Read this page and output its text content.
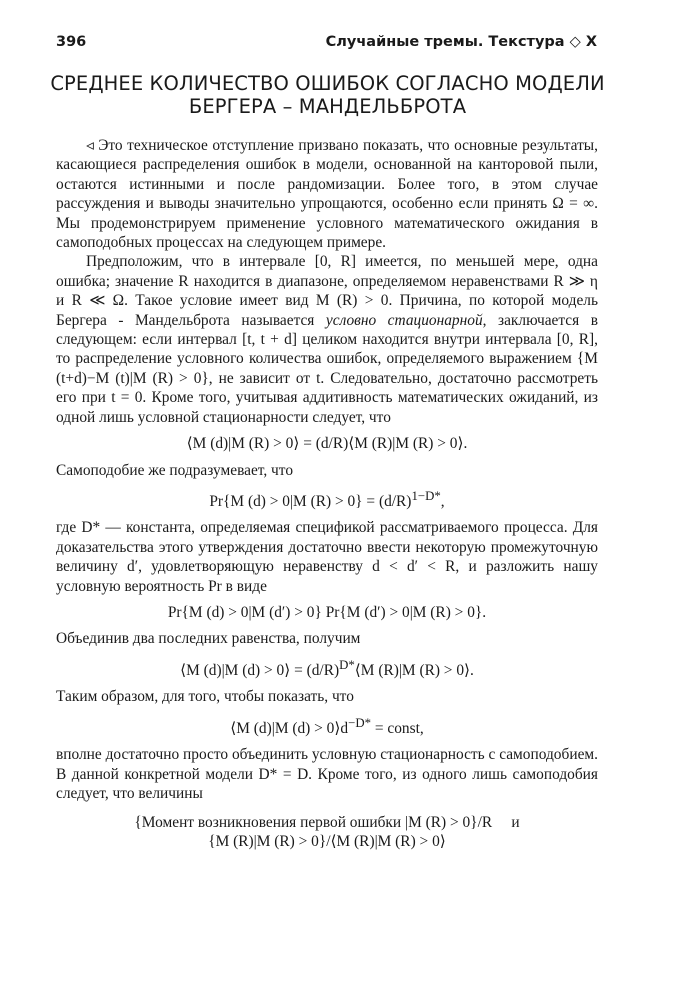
396	Случайные тремы. Текстура ◇ X
СРЕДНЕЕ КОЛИЧЕСТВО ОШИБОК СОГЛАСНО МОДЕЛИ
БЕРГЕРА – МАНДЕЛЬБРОТА

◃ Это техническое отступление призвано показать, что основные результаты, касающиеся распределения ошибок в модели, основанной на канторовой пыли, остаются истинными и после рандомизации. Более того, в этом случае рассуждения и выводы значительно упрощаются, особенно если принять Ω = ∞. Мы продемонстрируем применение условного математического ожидания в самоподобных процессах на следующем примере.

Предположим, что в интервале [0, R] имеется, по меньшей мере, одна ошибка; значение R находится в диапазоне, определяемом неравенствами R ≫ η и R ≪ Ω. Такое условие имеет вид M (R) > 0. Причина, по которой модель Бергера - Мандельброта называется условно стационарной, заключается в следующем: если интервал [t, t + d] целиком находится внутри интервала [0, R], то распределение условного количества ошибок, определяемого выражением {M (t+d)−M (t)|M (R) > 0}, не зависит от t. Следовательно, достаточно рассмотреть его при t = 0. Кроме того, учитывая аддитивность математических ожиданий, из одной лишь условной стационарности следует, что

⟨M (d)|M (R) > 0⟩ = (d/R)⟨M (R)|M (R) > 0⟩.

Самоподобие же подразумевает, что

Pr{M (d) > 0|M $(R) > 0\} = (d/R)^{1-D*}$,

где D* — константа, определяемая спецификой рассматриваемого процесса. Для доказательства этого утверждения достаточно ввести некоторую промежуточную величину d′, удовлетворяющую неравенству d < d′ < R, и разложить нашу условную вероятность Pr в виде

Pr{M (d) > 0|M (d′) > 0} Pr{M (d′) > 0|M (R) > 0}.

Объединив два последних равенства, получим

⟨M (d)|M (d) > 0⟩ = $(d/R)^{D*}⟨M$ (R)|M (R) > 0⟩.

Таким образом, для того, чтобы показать, что

⟨M (d)|M $(d) > 0⟩d^{-D*}$ = const,

вполне достаточно просто объединить условную стационарность с самоподобием. В данной конкретной модели D* = D. Кроме того, из одного лишь самоподобия следует, что величины

{Момент возникновения первой ошибки |M (R) > 0}/R     и
{M (R)|M (R) > 0}/⟨M (R)|M (R) > 0⟩
